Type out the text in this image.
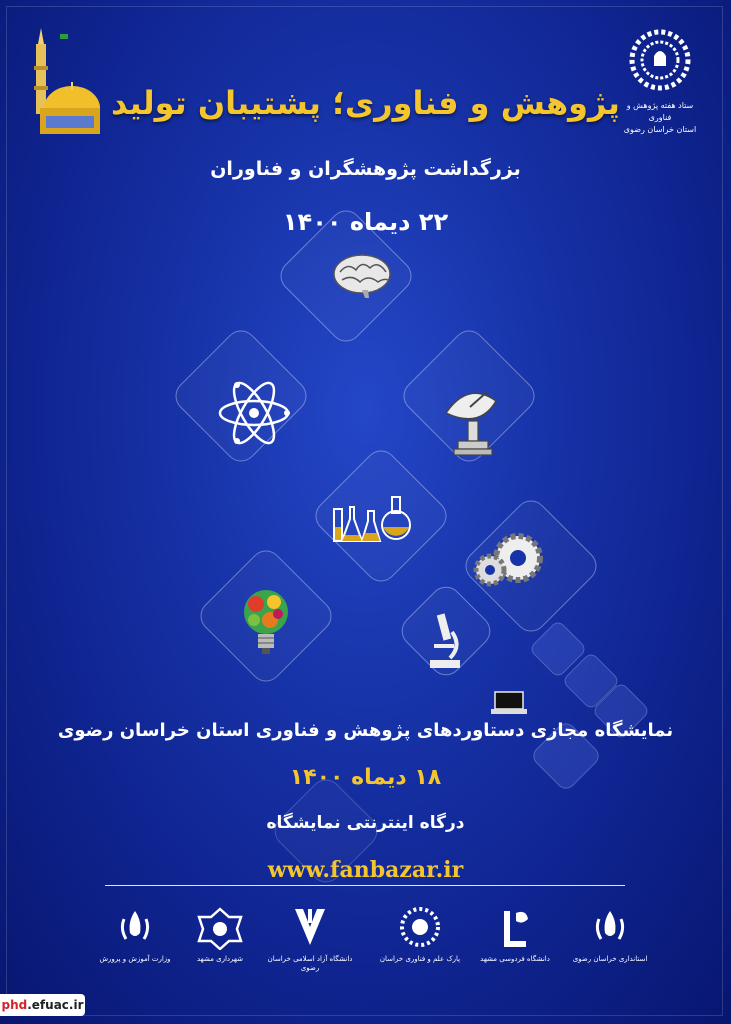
ستاد هفته پژوهش و فناوری
استان خراسان رضوی
پژوهش و فناوری؛ پشتیبان تولید
بزرگداشت پژوهشگران و فناوران
۲۲ دیماه ۱۴۰۰
نمایشگاه مجازی دستاوردهای پژوهش و فناوری استان خراسان رضوی
۱۸ دیماه ۱۴۰۰
درگاه اینترنتی نمایشگاه
www.fanbazar.ir
وزارت آموزش و پرورش	شهرداری مشهد	دانشگاه آزاد اسلامی خراسان رضوی
پارک علم و فناوری خراسان	دانشگاه فردوسی مشهد	استانداری خراسان رضوی
phd.efuac.ir
